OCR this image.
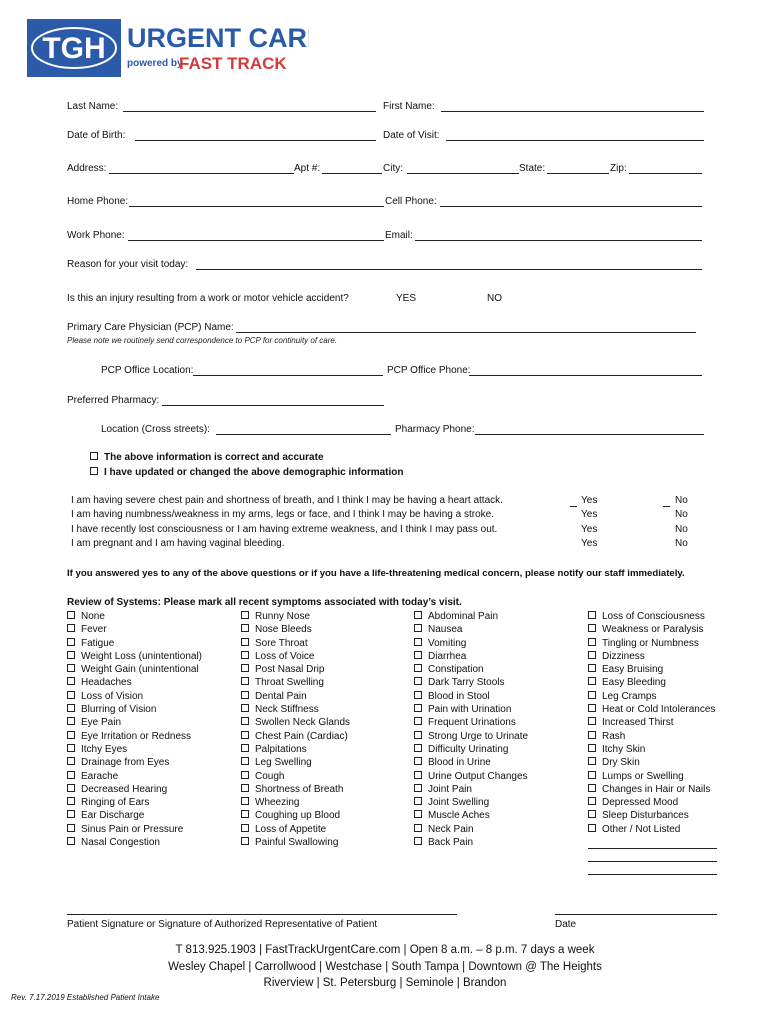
TGH URGENT CARE
powered by
FAST TRACK
Last Name:	First Name:
Date of Birth:	Date of Visit:
Address:	Apt #:	City:	State:	Zip:
Home Phone:	Cell Phone:
Work Phone:	Email:
Reason for your visit today:
Is this an injury resulting from a work or motor vehicle accident?	YES	NO
Primary Care Physician (PCP) Name:
Please note we routinely send correspondence to PCP for continuity of care.
PCP Office Location:	PCP Office Phone:
Preferred Pharmacy:
Location (Cross streets):	Pharmacy Phone:
The above information is correct and accurate
I have updated or changed the above demographic information
I am having severe chest pain and shortness of breath, and I think I may be having a heart attack.	Yes	No
I am having numbness/weakness in my arms, legs or face, and I think I may be having a stroke.	Yes	No
I have recently lost consciousness or I am having extreme weakness, and I think I may pass out.	Yes	No
I am pregnant and I am having vaginal bleeding.	Yes	No
If you answered yes to any of the above questions or if you have a life-threatening medical concern, please notify our staff immediately.
Review of Systems: Please mark all recent symptoms associated with today’s visit.
None
Fever
Fatigue
Weight Loss (unintentional)
Weight Gain (unintentional
Headaches
Loss of Vision
Blurring of Vision
Eye Pain
Eye Irritation or Redness
Itchy Eyes
Drainage from Eyes
Earache
Decreased Hearing
Ringing of Ears
Ear Discharge
Sinus Pain or Pressure
Nasal Congestion
Runny Nose
Nose Bleeds
Sore Throat
Loss of Voice
Post Nasal Drip
Throat Swelling
Dental Pain
Neck Stiffness
Swollen Neck Glands
Chest Pain (Cardiac)
Palpitations
Leg Swelling
Cough
Shortness of Breath
Wheezing
Coughing up Blood
Loss of Appetite
Painful Swallowing
Abdominal Pain
Nausea
Vomiting
Diarrhea
Constipation
Dark Tarry Stools
Blood in Stool
Pain with Urination
Frequent Urinations
Strong Urge to Urinate
Difficulty Urinating
Blood in Urine
Urine Output Changes
Joint Pain
Joint Swelling
Muscle Aches
Neck Pain
Back Pain
Loss of Consciousness
Weakness or Paralysis
Tingling or Numbness
Dizziness
Easy Bruising
Easy Bleeding
Leg Cramps
Heat or Cold Intolerances
Increased Thirst
Rash
Itchy Skin
Dry Skin
Lumps or Swelling
Changes in Hair or Nails
Depressed Mood
Sleep Disturbances
Other / Not Listed
Patient Signature or Signature of Authorized Representative of Patient	Date
T 813.925.1903 | FastTrackUrgentCare.com | Open 8 a.m. – 8 p.m. 7 days a week
Wesley Chapel | Carrollwood | Westchase | South Tampa | Downtown @ The Heights
Riverview | St. Petersburg | Seminole | Brandon
Rev. 7.17.2019 Established Patient Intake
